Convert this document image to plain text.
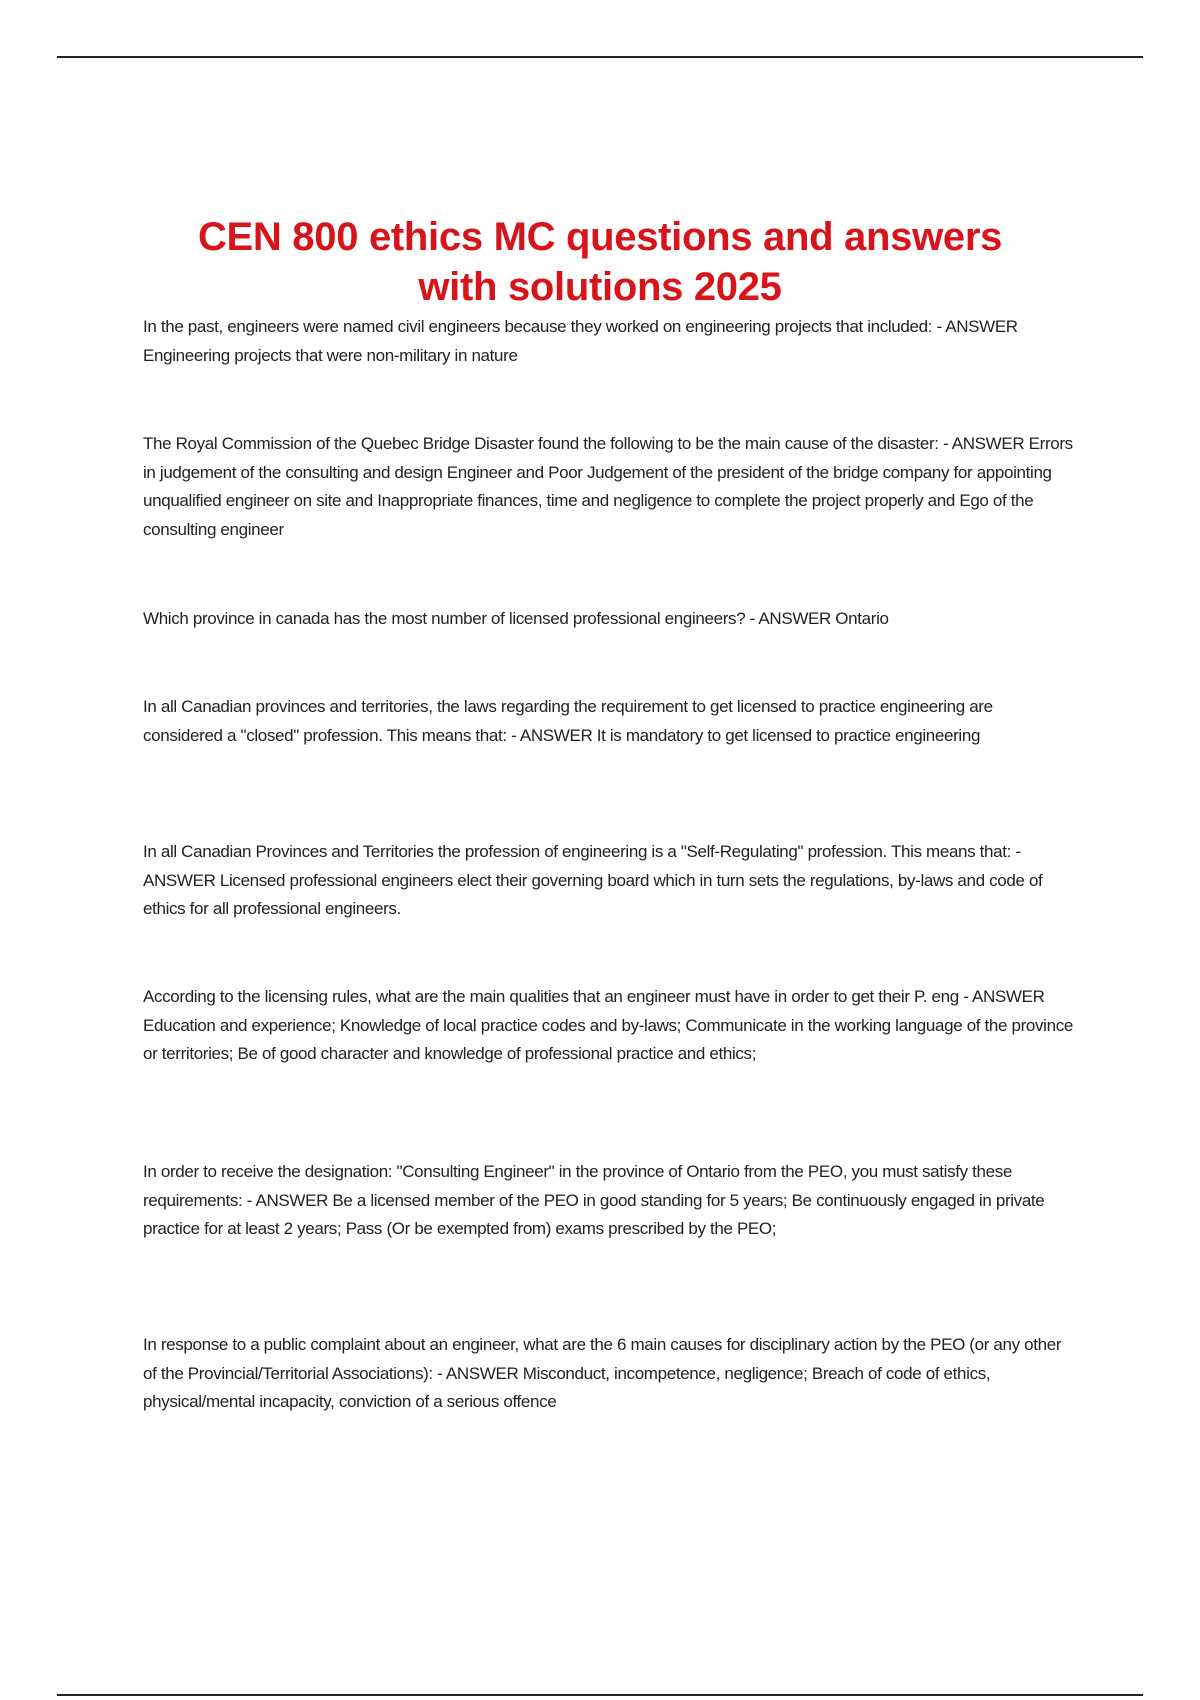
CEN 800 ethics MC questions and answers
with solutions 2025

In the past, engineers were named civil engineers because they worked on engineering projects that included: - ANSWER Engineering projects that were non-military in nature

The Royal Commission of the Quebec Bridge Disaster found the following to be the main cause of the disaster: - ANSWER Errors in judgement of the consulting and design Engineer and Poor Judgement of the president of the bridge company for appointing unqualified engineer on site and Inappropriate finances, time and negligence to complete the project properly and Ego of the consulting engineer

Which province in canada has the most number of licensed professional engineers? - ANSWER Ontario

In all Canadian provinces and territories, the laws regarding the requirement to get licensed to practice engineering are considered a "closed" profession. This means that: - ANSWER It is mandatory to get licensed to practice engineering

In all Canadian Provinces and Territories the profession of engineering is a "Self-Regulating" profession. This means that: - ANSWER Licensed professional engineers elect their governing board which in turn sets the regulations, by-laws and code of ethics for all professional engineers.

According to the licensing rules, what are the main qualities that an engineer must have in order to get their P. eng - ANSWER Education and experience; Knowledge of local practice codes and by-laws; Communicate in the working language of the province or territories; Be of good character and knowledge of professional practice and ethics;

In order to receive the designation: "Consulting Engineer" in the province of Ontario from the PEO, you must satisfy these requirements: - ANSWER Be a licensed member of the PEO in good standing for 5 years; Be continuously engaged in private practice for at least 2 years; Pass (Or be exempted from) exams prescribed by the PEO;

In response to a public complaint about an engineer, what are the 6 main causes for disciplinary action by the PEO (or any other of the Provincial/Territorial Associations): - ANSWER Misconduct, incompetence, negligence; Breach of code of ethics, physical/mental incapacity, conviction of a serious offence
